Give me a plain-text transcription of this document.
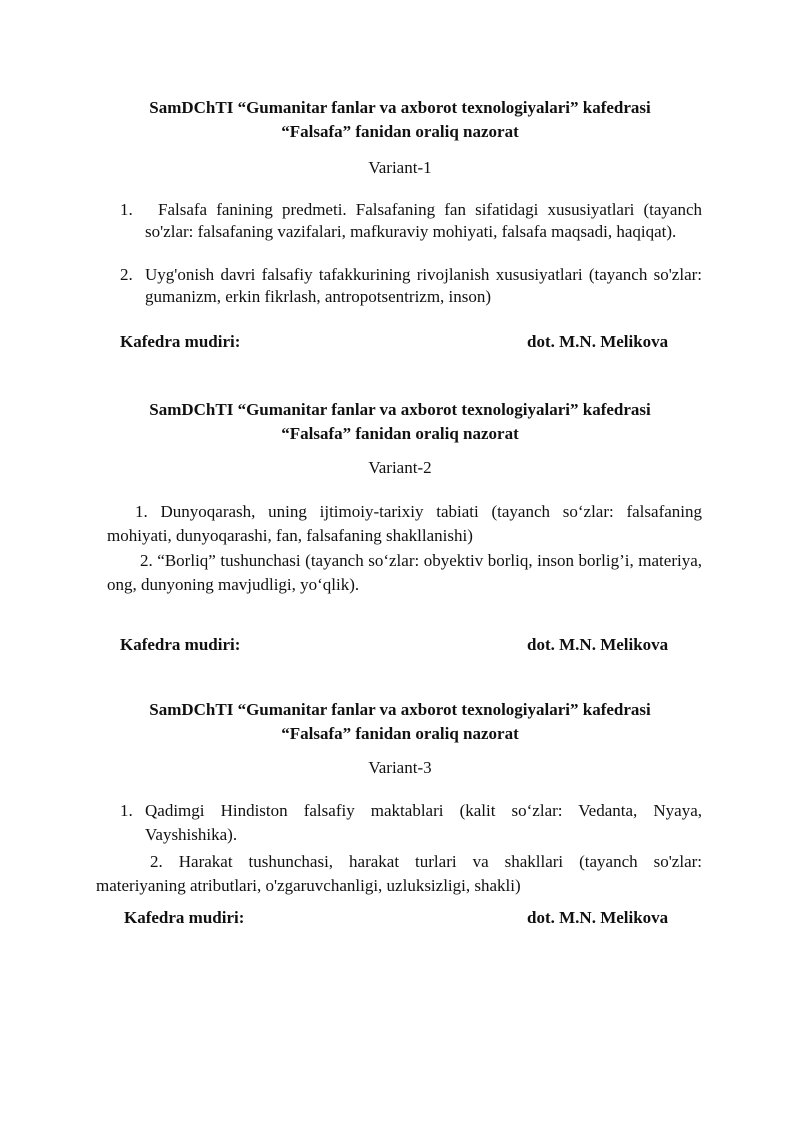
SamDChTI “Gumanitar fanlar va axborot texnologiyalari” kafedrasi
“Falsafa” fanidan oraliq nazorat
Variant-1
1.	Falsafa fanining predmeti. Falsafaning fan sifatidagi xususiyatlari (tayanch so'zlar: falsafaning vazifalari, mafkuraviy mohiyati, falsafa maqsadi, haqiqat).
2. Uyg'onish davri falsafiy tafakkurining rivojlanish xususiyatlari (tayanch so'zlar: gumanizm, erkin fikrlash, antropotsentrizm, inson)
Kafedra mudiri:	dot. M.N. Melikova
SamDChTI “Gumanitar fanlar va axborot texnologiyalari” kafedrasi
“Falsafa” fanidan oraliq nazorat
Variant-2
1. Dunyoqarash, uning ijtimoiy-tarixiy tabiati (tayanch so‘zlar: falsafaning mohiyati, dunyoqarashi, fan, falsafaning shakllanishi)
2. “Borliq” tushunchasi (tayanch so‘zlar: obyektiv borliq, inson borlig’i, materiya, ong, dunyoning mavjudligi, yo‘qlik).
Kafedra mudiri:	dot. M.N. Melikova
SamDChTI “Gumanitar fanlar va axborot texnologiyalari” kafedrasi
“Falsafa” fanidan oraliq nazorat
Variant-3
1. Qadimgi Hindiston falsafiy maktablari (kalit so‘zlar: Vedanta, Nyaya, Vayshishika).
2. Harakat tushunchasi, harakat turlari va shakllari (tayanch so'zlar: materiyaning atributlari, o'zgaruvchanligi, uzluksizligi, shakli)
Kafedra mudiri:	dot. M.N. Melikova
